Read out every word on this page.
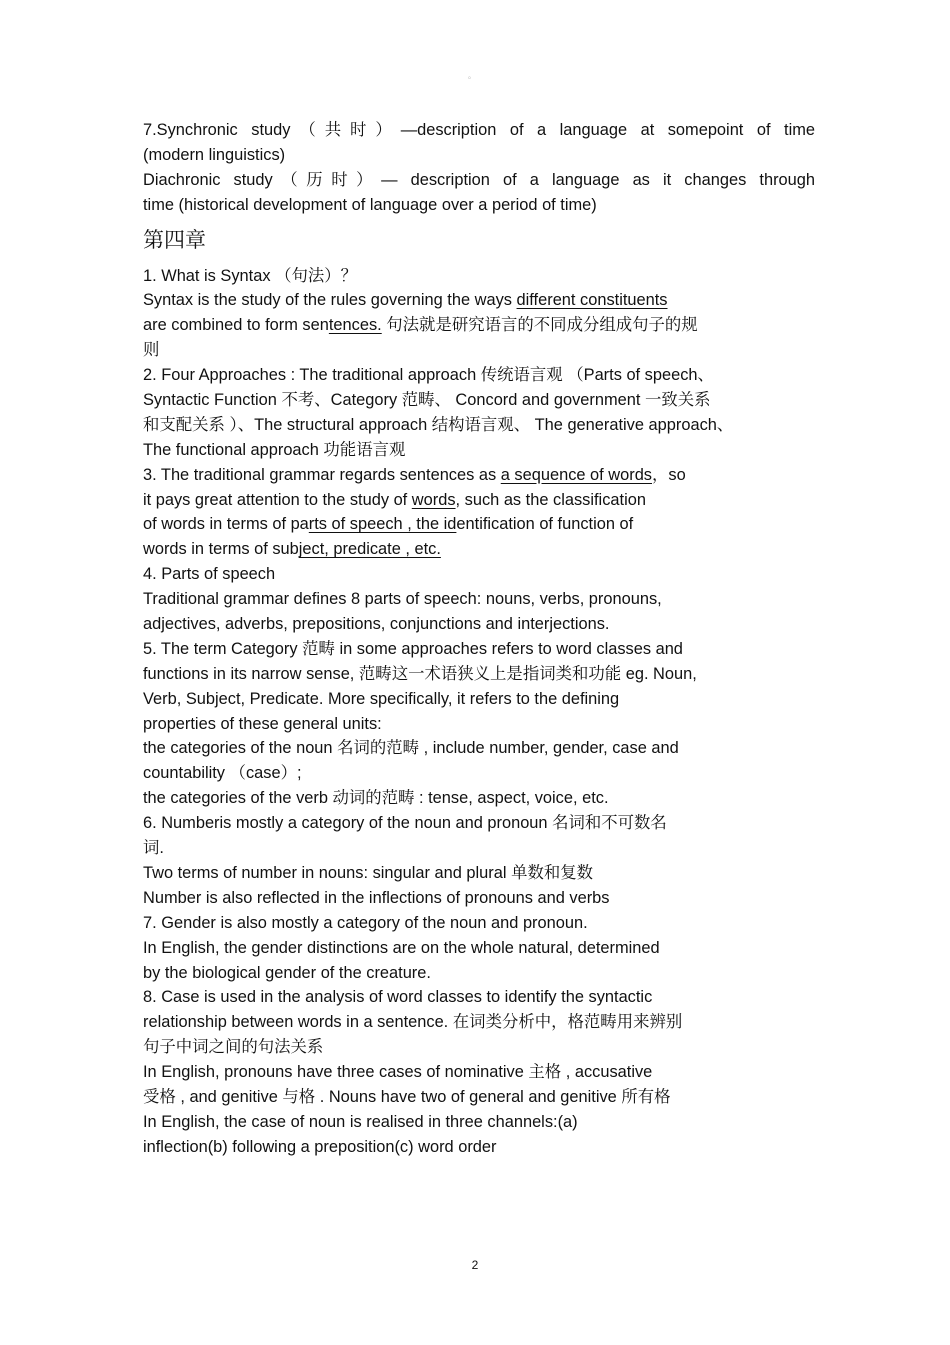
。
7.Synchronic study（共时）—description of a language at somepoint of time
(modern linguistics)
Diachronic study（历时）— description of a language as it changes through
time (historical development of language over a period of time)
第四章
1. What is Syntax （句法）？
Syntax is the study of the rules governing the ways different constituents
are combined to form sentences. 句法就是研究语言的不同成分组成句子的规
则
2. Four Approaches : The traditional approach 传统语言观 （Parts of speech、
Syntactic Function 不考、Category 范畴、 Concord and government 一致关系
和支配关系 ）、The structural approach 结构语言观、 The generative approach、
The functional approach 功能语言观
3. The traditional grammar regards sentences as a sequence of words，so
it pays great attention to the study of words, such as the classification
of words in terms of parts of speech , the identification of function of
words in terms of subject, predicate , etc.
4. Parts of speech
Traditional grammar defines 8 parts of speech: nouns, verbs, pronouns,
adjectives, adverbs, prepositions, conjunctions and interjections.
5. The term Category 范畴 in some approaches refers to word classes and
functions in its narrow sense, 范畴这一术语狭义上是指词类和功能 eg. Noun,
Verb, Subject, Predicate. More specifically, it refers to the defining
properties of these general units:
the categories of the noun 名词的范畴 , include number, gender, case and
countability （case）;
the categories of the verb 动词的范畴 : tense, aspect, voice, etc.
6. Numberis mostly a category of the noun and pronoun 名词和不可数名
词.
Two terms of number in nouns: singular and plural 单数和复数
Number is also reflected in the inflections of pronouns and verbs
7. Gender is also mostly a category of the noun and pronoun.
In English, the gender distinctions are on the whole natural, determined
by the biological gender of the creature.
8. Case is used in the analysis of word classes to identify the syntactic
relationship between words in a sentence. 在词类分析中，格范畴用来辨别
句子中词之间的句法关系
In English, pronouns have three cases of nominative 主格 , accusative
受格 , and genitive 与格 . Nouns have two of general and genitive 所有格
In English, the case of noun is realised in three channels:(a)
inflection(b) following a preposition(c) word order
2
